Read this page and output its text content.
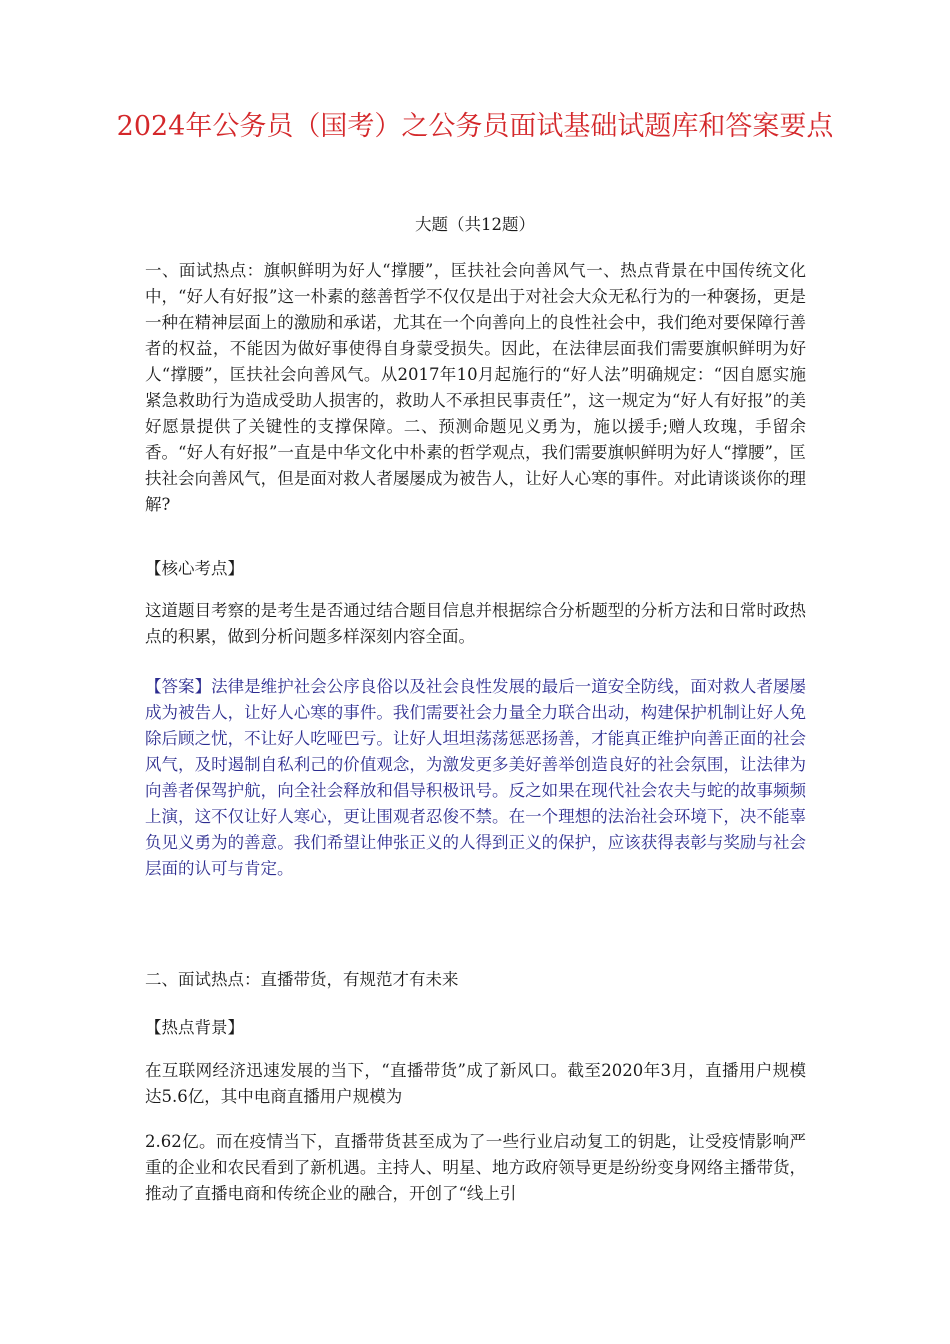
2024年公务员（国考）之公务员面试基础试题库和答案要点
大题（共12题）

一、面试热点：旗帜鲜明为好人“撑腰”，匡扶社会向善风气一、热点背景在中国传统文化中，“好人有好报”这一朴素的慈善哲学不仅仅是出于对社会大众无私行为的一种褒扬，更是一种在精神层面上的激励和承诺，尤其在一个向善向上的良性社会中，我们绝对要保障行善者的权益，不能因为做好事使得自身蒙受损失。因此，在法律层面我们需要旗帜鲜明为好人“撑腰”，匡扶社会向善风气。从2017年10月起施行的“好人法”明确规定：“因自愿实施紧急救助行为造成受助人损害的，救助人不承担民事责任”，这一规定为“好人有好报”的美好愿景提供了关键性的支撑保障。二、预测命题见义勇为，施以援手;赠人玫瑰，手留余香。“好人有好报”一直是中华文化中朴素的哲学观点，我们需要旗帜鲜明为好人“撑腰”，匡扶社会向善风气，但是面对救人者屡屡成为被告人，让好人心寒的事件。对此请谈谈你的理解?

【核心考点】

这道题目考察的是考生是否通过结合题目信息并根据综合分析题型的分析方法和日常时政热点的积累，做到分析问题多样深刻内容全面。

【答案】法律是维护社会公序良俗以及社会良性发展的最后一道安全防线，面对救人者屡屡成为被告人，让好人心寒的事件。我们需要社会力量全力联合出动，构建保护机制让好人免除后顾之忧，不让好人吃哑巴亏。让好人坦坦荡荡惩恶扬善，才能真正维护向善正面的社会风气，及时遏制自私利己的价值观念，为激发更多美好善举创造良好的社会氛围，让法律为向善者保驾护航，向全社会释放和倡导积极讯号。反之如果在现代社会农夫与蛇的故事频频上演，这不仅让好人寒心，更让围观者忍俊不禁。在一个理想的法治社会环境下，决不能辜负见义勇为的善意。我们希望让伸张正义的人得到正义的保护，应该获得表彰与奖励与社会层面的认可与肯定。

二、面试热点：直播带货，有规范才有未来

【热点背景】

在互联网经济迅速发展的当下，“直播带货”成了新风口。截至2020年3月，直播用户规模达5.6亿，其中电商直播用户规模为

2.62亿。而在疫情当下，直播带货甚至成为了一些行业启动复工的钥匙，让受疫情影响严重的企业和农民看到了新机遇。主持人、明星、地方政府领导更是纷纷变身网络主播带货，推动了直播电商和传统企业的融合，开创了“线上引
